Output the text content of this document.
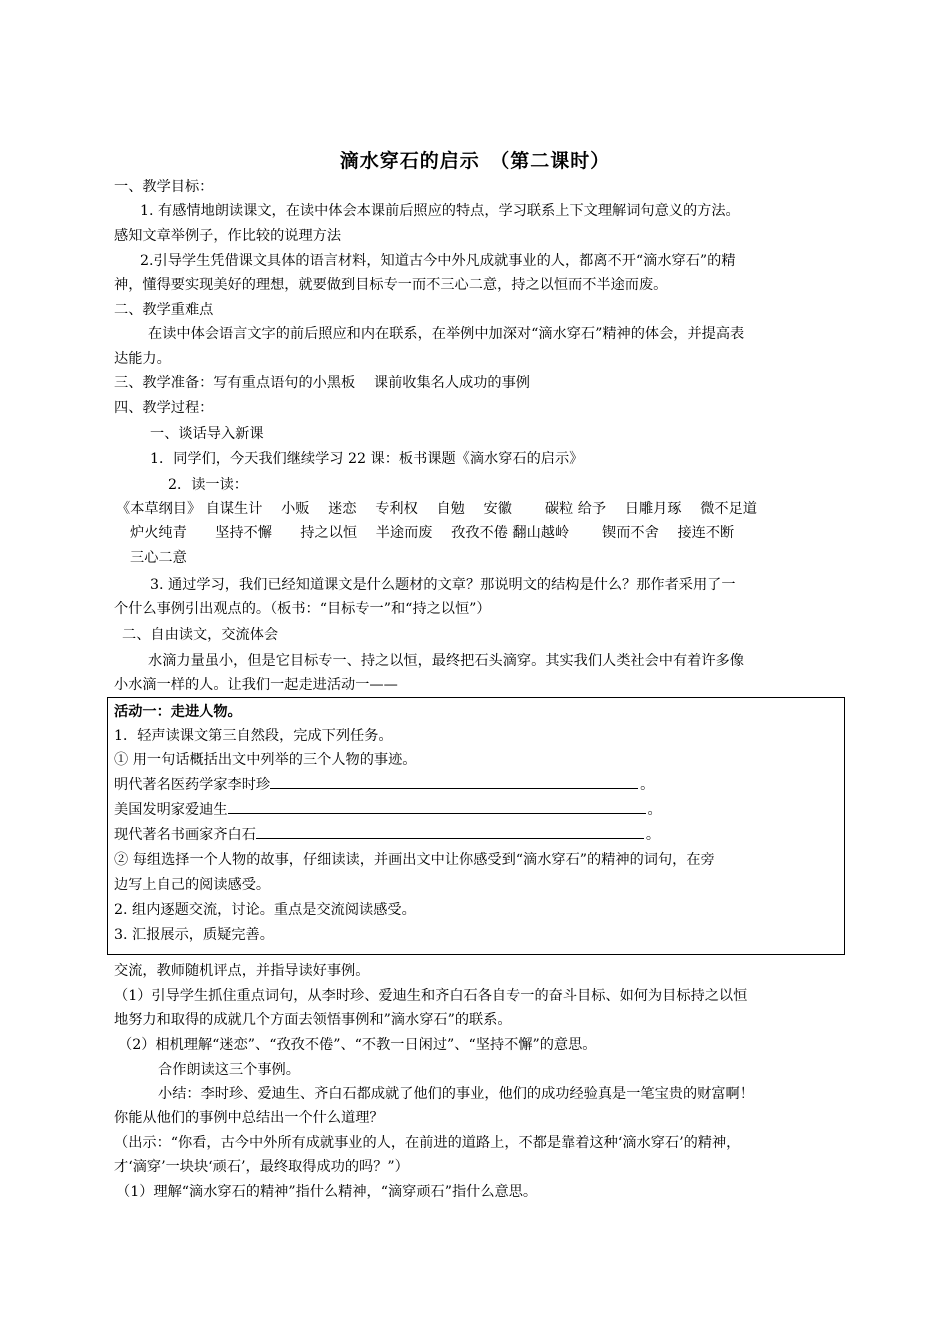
滴水穿石的启示　（第二课时）
一、教学目标：
1. 有感情地朗读课文，在读中体会本课前后照应的特点，学习联系上下文理解词句意义的方法。
感知文章举例子，作比较的说理方法
2.引导学生凭借课文具体的语言材料，知道古今中外凡成就事业的人，都离不开“滴水穿石”的精
神，懂得要实现美好的理想，就要做到目标专一而不三心二意，持之以恒而不半途而废。
二、教学重难点
在读中体会语言文字的前后照应和内在联系，在举例中加深对“滴水穿石”精神的体会，并提高表
达能力。
三、教学准备：写有重点语句的小黑板　 课前收集名人成功的事例
四、教学过程：
一、谈话导入新课
1．同学们，今天我们继续学习 22 课：板书课题《滴水穿石的启示》
2．读一读：
《本草纲目》 自谋生计　 小贩　 迷恋　 专利权　 自勉　 安徽　　 碳粒 给予　 日雕月琢　 微不足道
炉火纯青　　坚持不懈　　持之以恒　 半途而废　 孜孜不倦 翻山越岭　　 锲而不舍　 接连不断
三心二意
3. 通过学习，我们已经知道课文是什么题材的文章？那说明文的结构是什么？那作者采用了一
个什么事例引出观点的。（板书：“目标专一”和“持之以恒”）
二、自由读文，交流体会
水滴力量虽小，但是它目标专一、持之以恒，最终把石头滴穿。其实我们人类社会中有着许多像
小水滴一样的人。让我们一起走进活动一——
活动一：走进人物。
1．轻声读课文第三自然段，完成下列任务。
① 用一句话概括出文中列举的三个人物的事迹。
明代著名医药学家李时珍	。
美国发明家爱迪生	。
现代著名书画家齐白石	。
② 每组选择一个人物的故事，仔细读读，并画出文中让你感受到“滴水穿石”的精神的词句，在旁
边写上自己的阅读感受。
2. 组内逐题交流，讨论。重点是交流阅读感受。
3. 汇报展示，质疑完善。
交流，教师随机评点，并指导读好事例。
（1）引导学生抓住重点词句，从李时珍、爱迪生和齐白石各自专一的奋斗目标、如何为目标持之以恒
地努力和取得的成就几个方面去领悟事例和”滴水穿石”的联系。
（2）相机理解“迷恋”、“孜孜不倦”、“不教一日闲过”、“坚持不懈”的意思。
合作朗读这三个事例。
小结：李时珍、爱迪生、齐白石都成就了他们的事业，他们的成功经验真是一笔宝贵的财富啊！
你能从他们的事例中总结出一个什么道理？
（出示：“你看，古今中外所有成就事业的人，在前进的道路上，不都是靠着这种‘滴水穿石’的精神，
才‘滴穿’一块块‘顽石’，最终取得成功的吗？”）
（1）理解“滴水穿石的精神”指什么精神，“滴穿顽石”指什么意思。
